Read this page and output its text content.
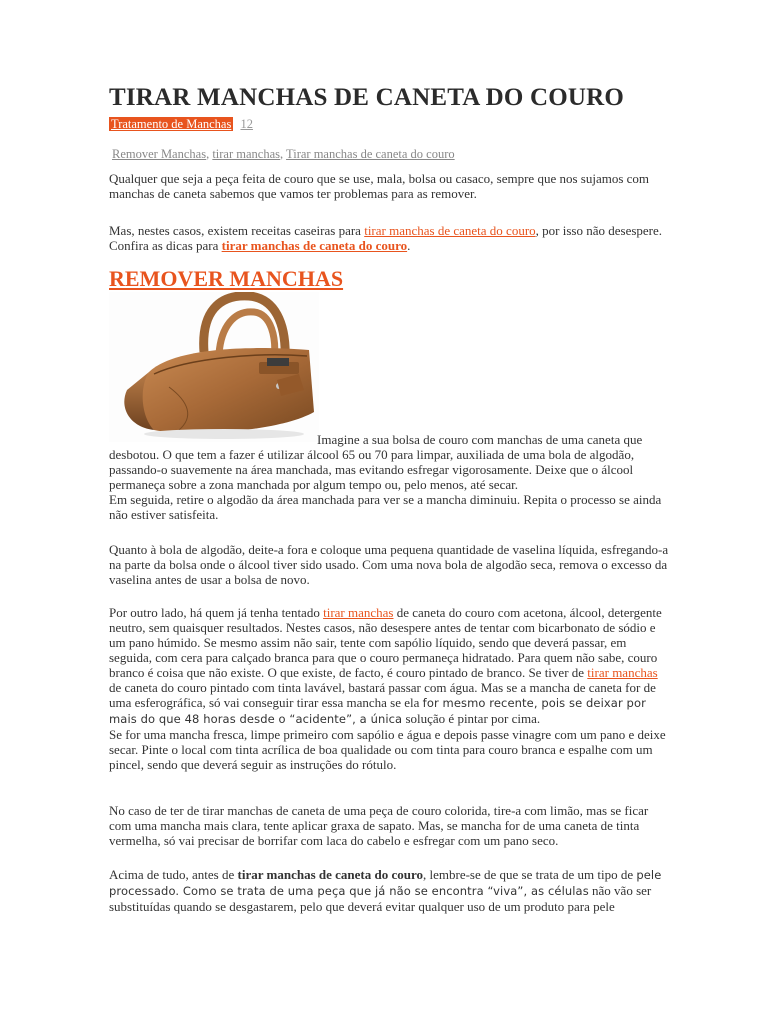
TIRAR MANCHAS DE CANETA DO COURO
Tratamento de Manchas 12
Remover Manchas, tirar manchas, Tirar manchas de caneta do couro

Qualquer que seja a peça feita de couro que se use, mala, bolsa ou casaco, sempre que nos sujamos com manchas de caneta sabemos que vamos ter problemas para as remover.

Mas, nestes casos, existem receitas caseiras para tirar manchas de caneta do couro, por isso não desespere.

Confira as dicas para tirar manchas de caneta do couro.

REMOVER MANCHAS

Imagine a sua bolsa de couro com manchas de uma caneta que

desbotou. O que tem a fazer é utilizar álcool 65 ou 70 para limpar, auxiliada de uma bola de algodão, passando-o suavemente na área manchada, mas evitando esfregar vigorosamente. Deixe que o álcool permaneça sobre a zona manchada por algum tempo ou, pelo menos, até secar.

Em seguida, retire o algodão da área manchada para ver se a mancha diminuiu. Repita o processo se ainda não estiver satisfeita.

Quanto à bola de algodão, deite-a fora e coloque uma pequena quantidade de vaselina líquida, esfregando-a na parte da bolsa onde o álcool tiver sido usado. Com uma nova bola de algodão seca, remova o excesso da vaselina antes de usar a bolsa de novo.

Por outro lado, há quem já tenha tentado tirar manchas de caneta do couro com acetona, álcool, detergente neutro, sem quaisquer resultados. Nestes casos, não desespere antes de tentar com bicarbonato de sódio e um pano húmido. Se mesmo assim não sair, tente com sapólio líquido, sendo que deverá passar, em seguida, com cera para calçado branca para que o couro permaneça hidratado. Para quem não sabe, couro branco é coisa que não existe. O que existe, de facto, é couro pintado de branco. Se tiver de tirar manchas de caneta do couro pintado com tinta lavável, bastará passar com água. Mas se a mancha de caneta for de uma esferográfica, só vai conseguir tirar essa mancha se ela for mesmo recente, pois se deixar por mais do que 48 horas desde o “acidente”, a única solução é pintar por cima.

Se for uma mancha fresca, limpe primeiro com sapólio e água e depois passe vinagre com um pano e deixe secar. Pinte o local com tinta acrílica de boa qualidade ou com tinta para couro branca e espalhe com um pincel, sendo que deverá seguir as instruções do rótulo.

No caso de ter de tirar manchas de caneta de uma peça de couro colorida, tire-a com limão, mas se ficar com uma mancha mais clara, tente aplicar graxa de sapato. Mas, se mancha for de uma caneta de tinta vermelha, só vai precisar de borrifar com laca do cabelo e esfregar com um pano seco.

Acima de tudo, antes de tirar manchas de caneta do couro, lembre-se de que se trata de um tipo de pele processado. Como se trata de uma peça que já não se encontra “viva”, as células não vão ser substituídas quando se desgastarem, pelo que deverá evitar qualquer uso de um produto para pele
